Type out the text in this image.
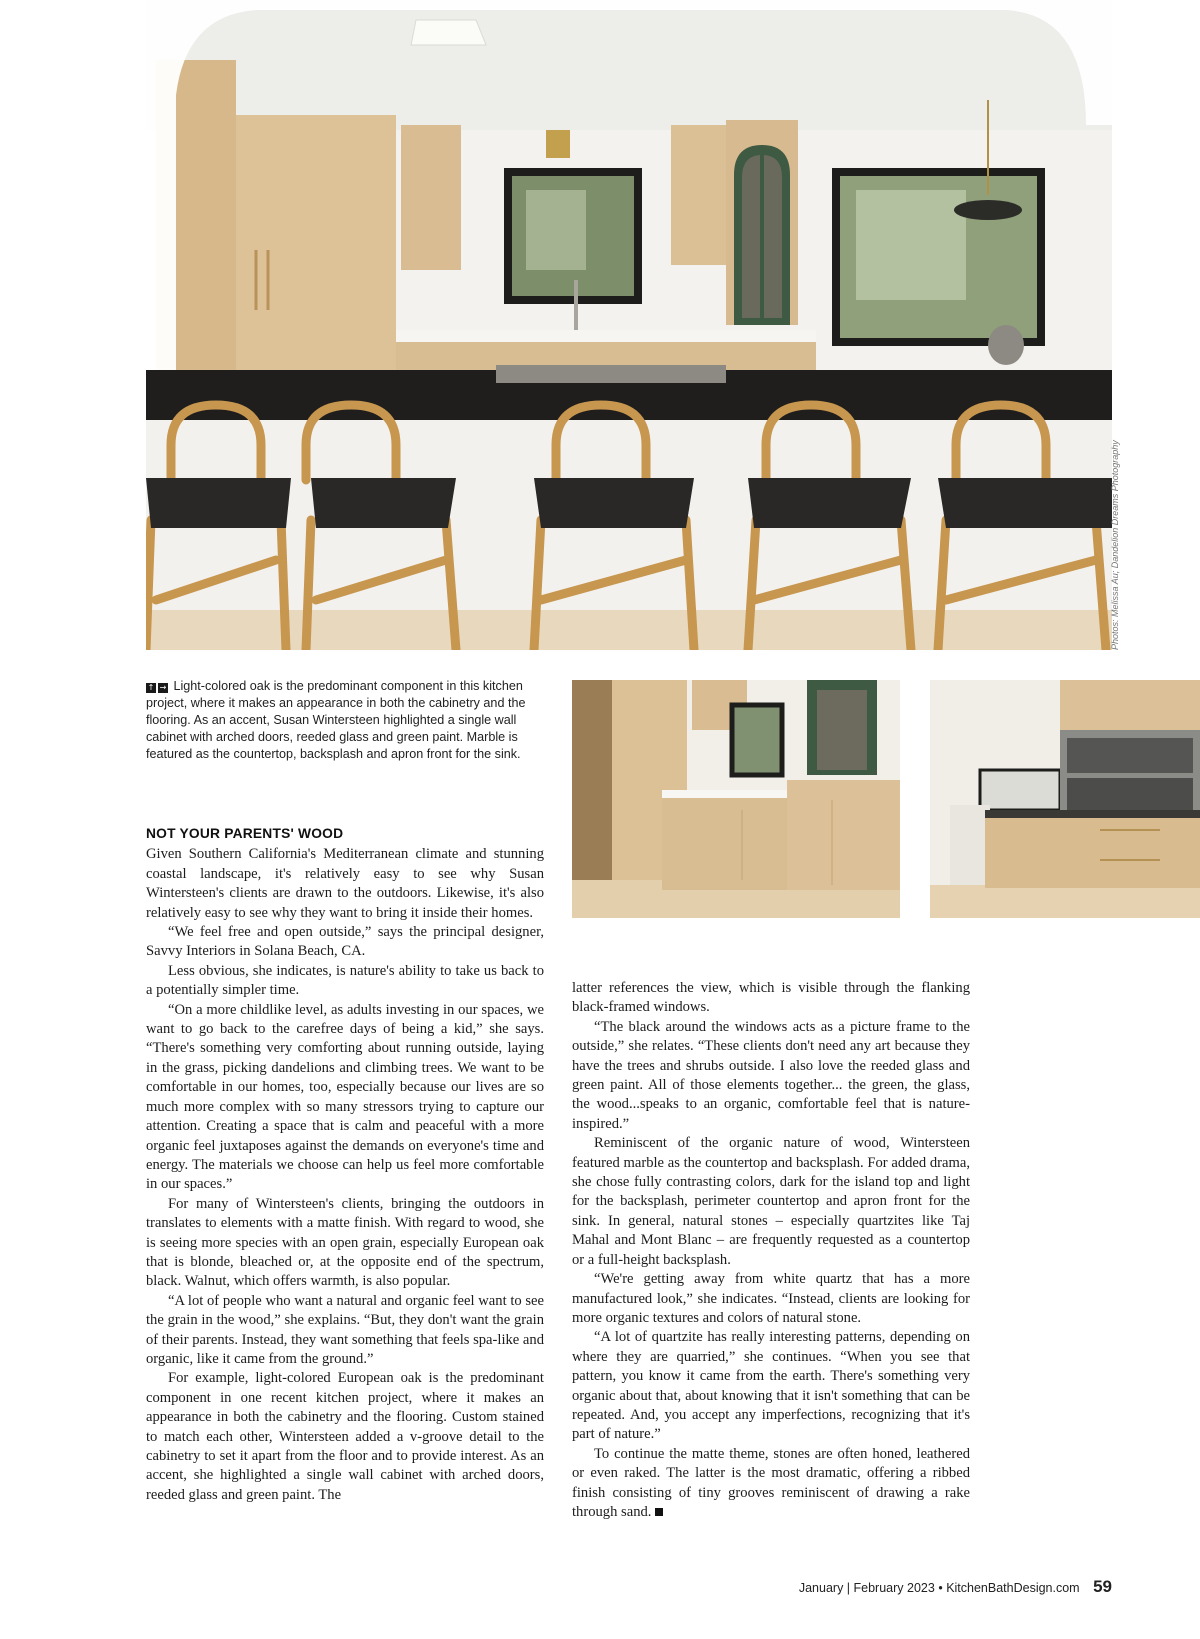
Photos: Melissa Au; Dandelion Dreams Photography
↑ → Light-colored oak is the predominant component in this kitchen project, where it makes an appearance in both the cabinetry and the flooring. As an accent, Susan Wintersteen highlighted a single wall cabinet with arched doors, reeded glass and green paint. Marble is featured as the countertop, backsplash and apron front for the sink.
NOT YOUR PARENTS' WOOD

Given Southern California's Mediterranean climate and stunning coastal landscape, it's relatively easy to see why Susan Wintersteen's clients are drawn to the outdoors. Likewise, it's also relatively easy to see why they want to bring it inside their homes.

“We feel free and open outside,” says the principal designer, Savvy Interiors in Solana Beach, CA.

Less obvious, she indicates, is nature's ability to take us back to a potentially simpler time.

“On a more childlike level, as adults investing in our spaces, we want to go back to the carefree days of being a kid,” she says. “There's something very comforting about running outside, laying in the grass, picking dandelions and climbing trees. We want to be comfortable in our homes, too, especially because our lives are so much more complex with so many stressors trying to capture our attention. Creating a space that is calm and peaceful with a more organic feel juxtaposes against the demands on everyone's time and energy. The materials we choose can help us feel more comfortable in our spaces.”

For many of Wintersteen's clients, bringing the outdoors in translates to elements with a matte finish. With regard to wood, she is seeing more species with an open grain, especially European oak that is blonde, bleached or, at the opposite end of the spectrum, black. Walnut, which offers warmth, is also popular.

“A lot of people who want a natural and organic feel want to see the grain in the wood,” she explains. “But, they don't want the grain of their parents. Instead, they want something that feels spa-like and organic, like it came from the ground.”

For example, light-colored European oak is the predominant component in one recent kitchen project, where it makes an appearance in both the cabinetry and the flooring. Custom stained to match each other, Wintersteen added a v-groove detail to the cabinetry to set it apart from the floor and to provide interest. As an accent, she highlighted a single wall cabinet with arched doors, reeded glass and green paint. The

latter references the view, which is visible through the flanking black-framed windows.

“The black around the windows acts as a picture frame to the outside,” she relates. “These clients don't need any art because they have the trees and shrubs outside. I also love the reeded glass and green paint. All of those elements together... the green, the glass, the wood...speaks to an organic, comfortable feel that is nature-inspired.”

Reminiscent of the organic nature of wood, Wintersteen featured marble as the countertop and backsplash. For added drama, she chose fully contrasting colors, dark for the island top and light for the backsplash, perimeter countertop and apron front for the sink. In general, natural stones – especially quartzites like Taj Mahal and Mont Blanc – are frequently requested as a countertop or a full-height backsplash.

“We're getting away from white quartz that has a more manufactured look,” she indicates. “Instead, clients are looking for more organic textures and colors of natural stone.

“A lot of quartzite has really interesting patterns, depending on where they are quarried,” she continues. “When you see that pattern, you know it came from the earth. There's something very organic about that, about knowing that it isn't something that can be repeated. And, you accept any imperfections, recognizing that it's part of nature.”

To continue the matte theme, stones are often honed, leathered or even raked. The latter is the most dramatic, offering a ribbed finish consisting of tiny grooves reminiscent of drawing a rake through sand.

January | February 2023 • KitchenBathDesign.com 59
